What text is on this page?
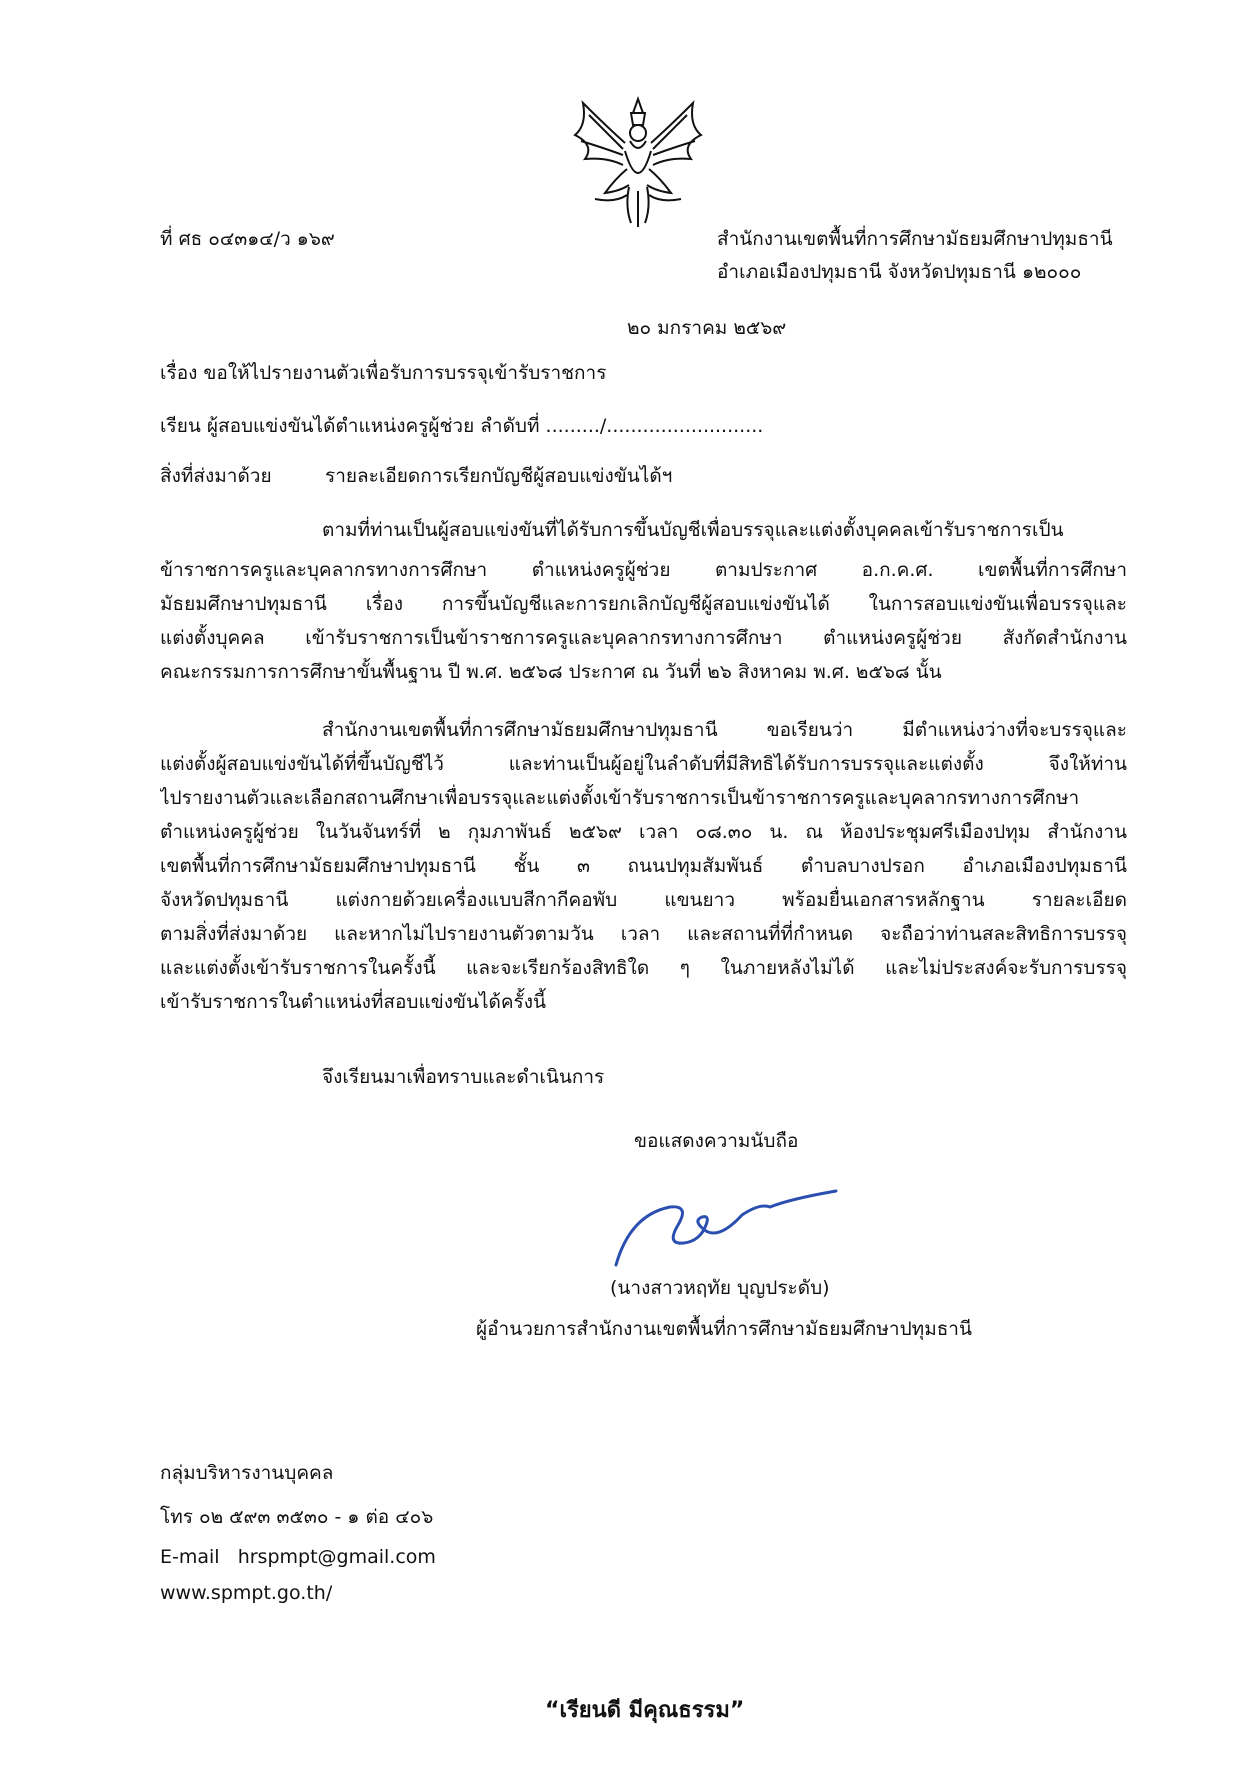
ที่ ศธ ๐๔๓๑๔/ว ๑๖๙	สำนักงานเขตพื้นที่การศึกษามัธยมศึกษาปทุมธานี
อำเภอเมืองปทุมธานี จังหวัดปทุมธานี ๑๒๐๐๐
๒๐ มกราคม ๒๕๖๙
เรื่อง ขอให้ไปรายงานตัวเพื่อรับการบรรจุเข้ารับราชการ
เรียน ผู้สอบแข่งขันได้ตำแหน่งครูผู้ช่วย ลำดับที่ ........./..........................
สิ่งที่ส่งมาด้วย	รายละเอียดการเรียกบัญชีผู้สอบแข่งขันได้ฯ
ตามที่ท่านเป็นผู้สอบแข่งขันที่ได้รับการขึ้นบัญชีเพื่อบรรจุและแต่งตั้งบุคคลเข้ารับราชการเป็น
ข้าราชการครูและบุคลากรทางการศึกษา ตำแหน่งครูผู้ช่วย ตามประกาศ อ.ก.ค.ศ. เขตพื้นที่การศึกษา
มัธยมศึกษาปทุมธานี เรื่อง การขึ้นบัญชีและการยกเลิกบัญชีผู้สอบแข่งขันได้ ในการสอบแข่งขันเพื่อบรรจุและ
แต่งตั้งบุคคล เข้ารับราชการเป็นข้าราชการครูและบุคลากรทางการศึกษา ตำแหน่งครูผู้ช่วย สังกัดสำนักงาน
คณะกรรมการการศึกษาขั้นพื้นฐาน ปี พ.ศ. ๒๕๖๘ ประกาศ ณ วันที่ ๒๖ สิงหาคม พ.ศ. ๒๕๖๘ นั้น
สำนักงานเขตพื้นที่การศึกษามัธยมศึกษาปทุมธานี ขอเรียนว่า มีตำแหน่งว่างที่จะบรรจุและ
แต่งตั้งผู้สอบแข่งขันได้ที่ขึ้นบัญชีไว้ และท่านเป็นผู้อยู่ในลำดับที่มีสิทธิได้รับการบรรจุและแต่งตั้ง จึงให้ท่าน
ไปรายงานตัวและเลือกสถานศึกษาเพื่อบรรจุและแต่งตั้งเข้ารับราชการเป็นข้าราชการครูและบุคลากรทางการศึกษา
ตำแหน่งครูผู้ช่วย ในวันจันทร์ที่ ๒ กุมภาพันธ์ ๒๕๖๙ เวลา ๐๘.๓๐ น. ณ ห้องประชุมศรีเมืองปทุม สำนักงาน
เขตพื้นที่การศึกษามัธยมศึกษาปทุมธานี ชั้น ๓ ถนนปทุมสัมพันธ์ ตำบลบางปรอก อำเภอเมืองปทุมธานี
จังหวัดปทุมธานี แต่งกายด้วยเครื่องแบบสีกากีคอพับ แขนยาว พร้อมยื่นเอกสารหลักฐาน รายละเอียด
ตามสิ่งที่ส่งมาด้วย และหากไม่ไปรายงานตัวตามวัน เวลา และสถานที่ที่กำหนด จะถือว่าท่านสละสิทธิการบรรจุ
และแต่งตั้งเข้ารับราชการในครั้งนี้ และจะเรียกร้องสิทธิใด ๆ ในภายหลังไม่ได้ และไม่ประสงค์จะรับการบรรจุ
เข้ารับราชการในตำแหน่งที่สอบแข่งขันได้ครั้งนี้
จึงเรียนมาเพื่อทราบและดำเนินการ
ขอแสดงความนับถือ
(นางสาวหฤทัย บุญประดับ)
ผู้อำนวยการสำนักงานเขตพื้นที่การศึกษามัธยมศึกษาปทุมธานี
กลุ่มบริหารงานบุคคล
โทร ๐๒ ๕๙๓ ๓๕๓๐ - ๑ ต่อ ๔๐๖
E-mail hrspmpt@gmail.com
www.spmpt.go.th/
“เรียนดี มีคุณธรรม”
